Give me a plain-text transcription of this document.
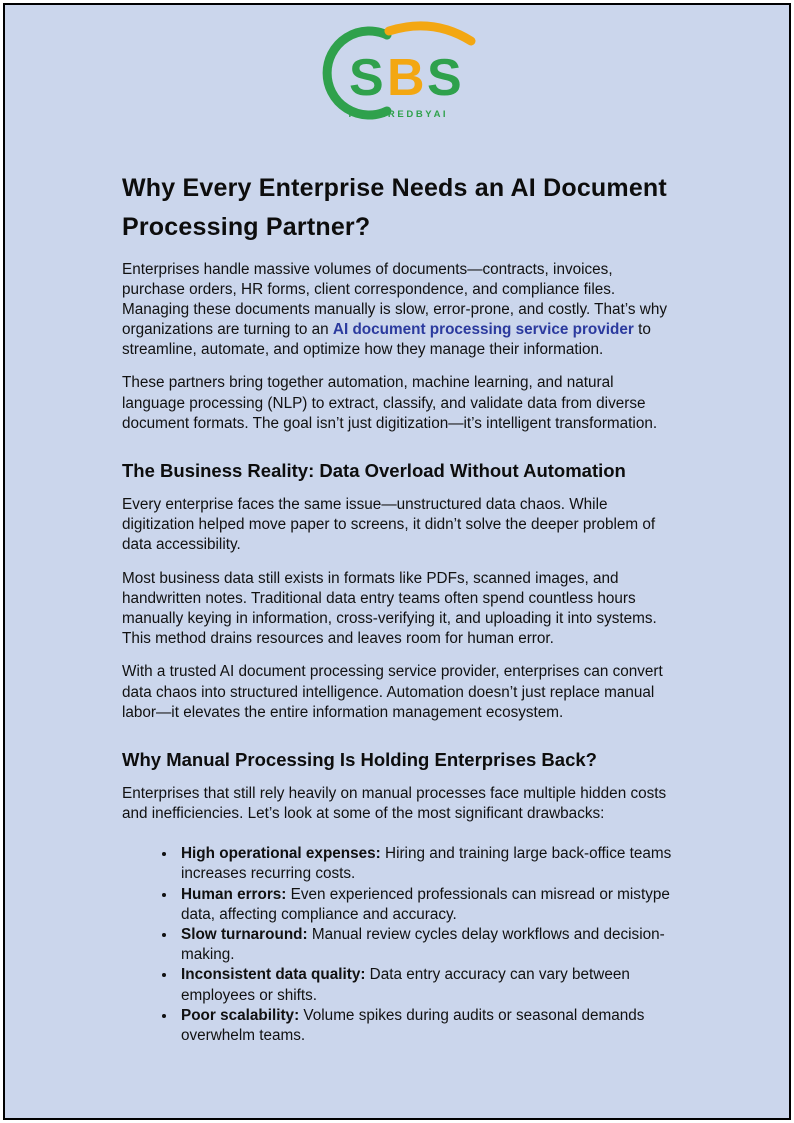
S B S
P O W E R E D B Y A I
Why Every Enterprise Needs an AI Document Processing Partner?

Enterprises handle massive volumes of documents—contracts, invoices, purchase orders, HR forms, client correspondence, and compliance files. Managing these documents manually is slow, error-prone, and costly. That’s why organizations are turning to an AI document processing service provider to streamline, automate, and optimize how they manage their information.

These partners bring together automation, machine learning, and natural language processing (NLP) to extract, classify, and validate data from diverse document formats. The goal isn’t just digitization—it’s intelligent transformation.

The Business Reality: Data Overload Without Automation

Every enterprise faces the same issue—unstructured data chaos. While digitization helped move paper to screens, it didn’t solve the deeper problem of data accessibility.

Most business data still exists in formats like PDFs, scanned images, and handwritten notes. Traditional data entry teams often spend countless hours manually keying in information, cross-verifying it, and uploading it into systems. This method drains resources and leaves room for human error.

With a trusted AI document processing service provider, enterprises can convert data chaos into structured intelligence. Automation doesn’t just replace manual labor—it elevates the entire information management ecosystem.

Why Manual Processing Is Holding Enterprises Back?

Enterprises that still rely heavily on manual processes face multiple hidden costs and inefficiencies. Let’s look at some of the most significant drawbacks:

• High operational expenses: Hiring and training large back-office teams increases recurring costs.
• Human errors: Even experienced professionals can misread or mistype data, affecting compliance and accuracy.
• Slow turnaround: Manual review cycles delay workflows and decision-making.
• Inconsistent data quality: Data entry accuracy can vary between employees or shifts.
• Poor scalability: Volume spikes during audits or seasonal demands overwhelm teams.
